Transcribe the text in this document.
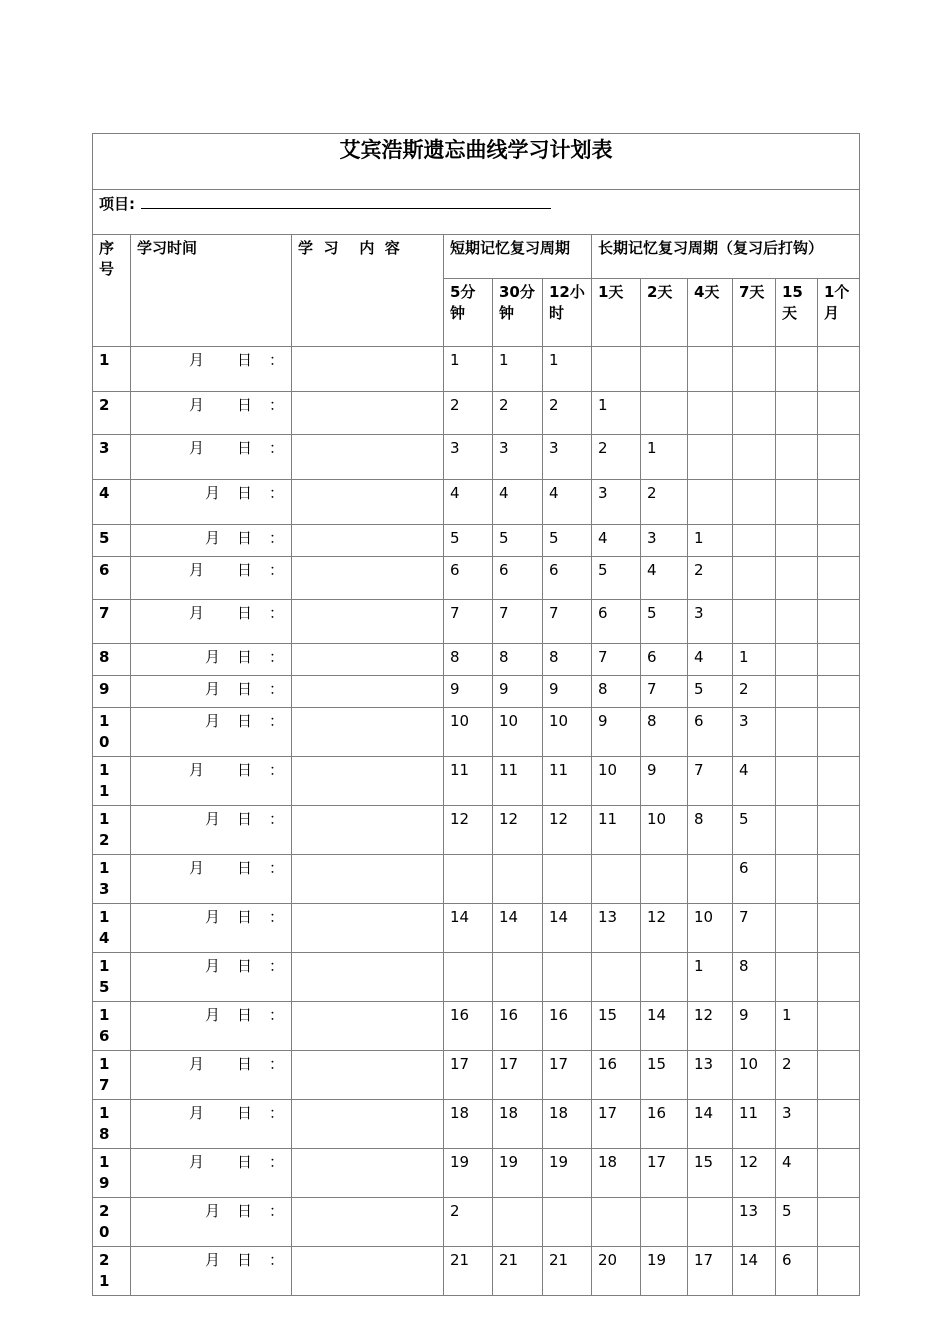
艾宾浩斯遗忘曲线学习计划表											
项目:											
序号	学习时间	学  习    内  容	短期记忆复习周期			长期记忆复习周期（复习后打钩）					
			5分钟	30分钟	12小时	1天	2天	4天	7天	15天	1个月
1	月　　日　：		1	1	1						
2	月　　日　：		2	2	2	1					
3	月　　日　：		3	3	3	2	1				
4	月　日　：		4	4	4	3	2				
5	月　日　：		5	5	5	4	3	1			
6	月　　日　：		6	6	6	5	4	2			
7	月　　日　：		7	7	7	6	5	3			
8	月　日　：		8	8	8	7	6	4	1		
9	月　日　：		9	9	9	8	7	5	2		
10	月　日　：		10	10	10	9	8	6	3		
11	月　　日　：		11	11	11	10	9	7	4		
12	月　日　：		12	12	12	11	10	8	5		
13	月　　日　：								6		
14	月　日　：		14	14	14	13	12	10	7		
15	月　日　：							1	8		
16	月　日　：		16	16	16	15	14	12	9	1	
17	月　　日　：		17	17	17	16	15	13	10	2	
18	月　　日　：		18	18	18	17	16	14	11	3	
19	月　　日　：		19	19	19	18	17	15	12	4	
20	月　日　：		2						13	5	
21	月　日　：		21	21	21	20	19	17	14	6	
